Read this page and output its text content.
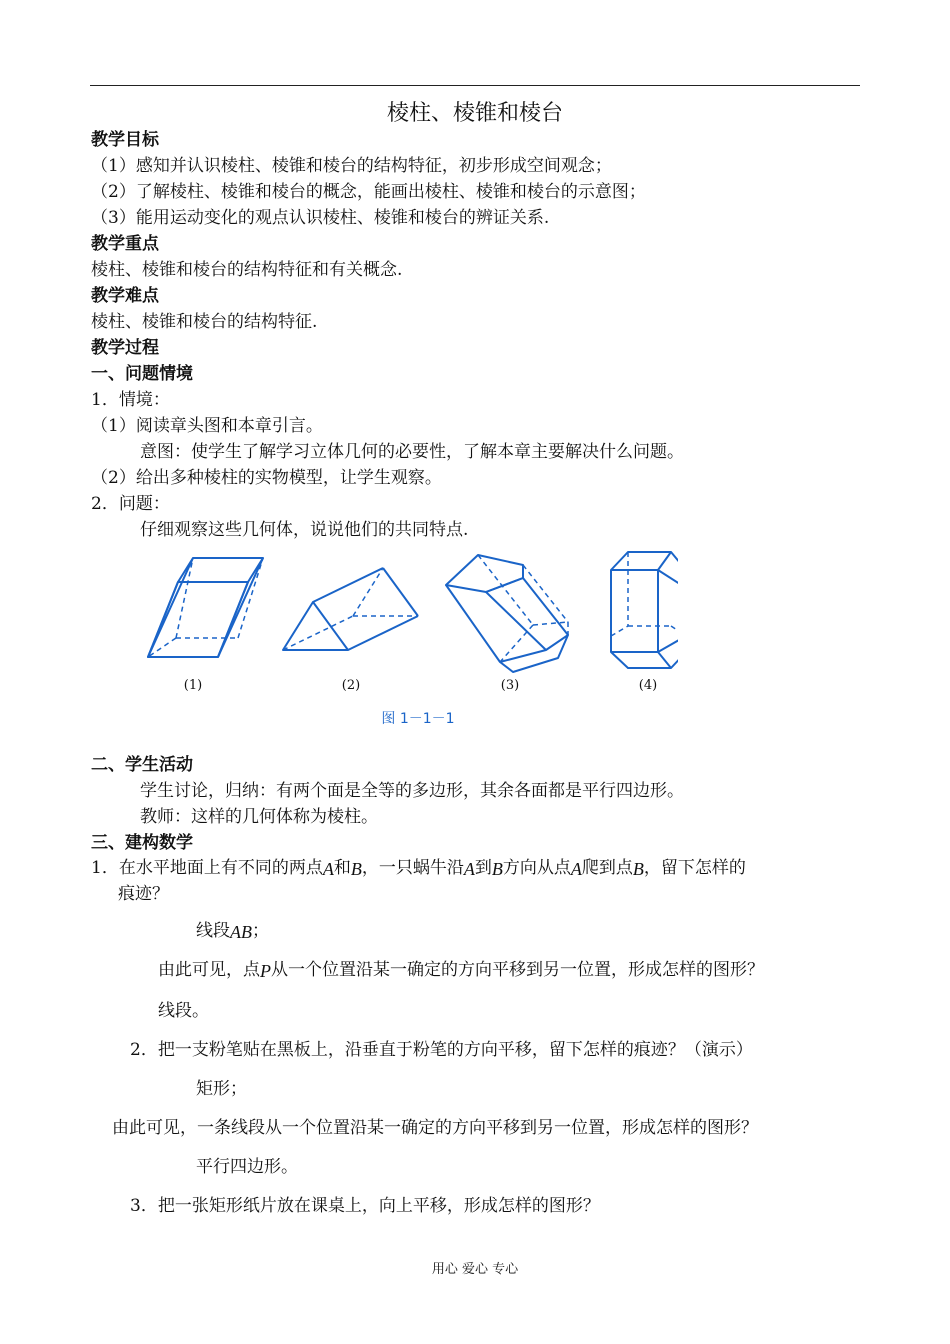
棱柱、棱锥和棱台
教学目标
（1）感知并认识棱柱、棱锥和棱台的结构特征，初步形成空间观念；
（2）了解棱柱、棱锥和棱台的概念，能画出棱柱、棱锥和棱台的示意图；
（3）能用运动变化的观点认识棱柱、棱锥和棱台的辨证关系.
教学重点
棱柱、棱锥和棱台的结构特征和有关概念.
教学难点
棱柱、棱锥和棱台的结构特征.
教学过程
一、问题情境
1．情境：
（1）阅读章头图和本章引言。
意图：使学生了解学习立体几何的必要性，了解本章主要解决什么问题。
（2）给出多种棱柱的实物模型，让学生观察。
2．问题：
仔细观察这些几何体，说说他们的共同特点.
(1)	(2)	(3)	(4)
图 1－1－1
二、学生活动
学生讨论，归纳：有两个面是全等的多边形，其余各面都是平行四边形。
教师：这样的几何体称为棱柱。
三、建构数学
1．在水平地面上有不同的两点A和B，一只蜗牛沿A到B方向从点A爬到点B，留下怎样的
痕迹？
线段AB；
由此可见，点P从一个位置沿某一确定的方向平移到另一位置，形成怎样的图形？
线段。
2．把一支粉笔贴在黑板上，沿垂直于粉笔的方向平移，留下怎样的痕迹？（演示）
矩形；
由此可见，一条线段从一个位置沿某一确定的方向平移到另一位置，形成怎样的图形？
平行四边形。
3．把一张矩形纸片放在课桌上，向上平移，形成怎样的图形？
用心 爱心 专心
